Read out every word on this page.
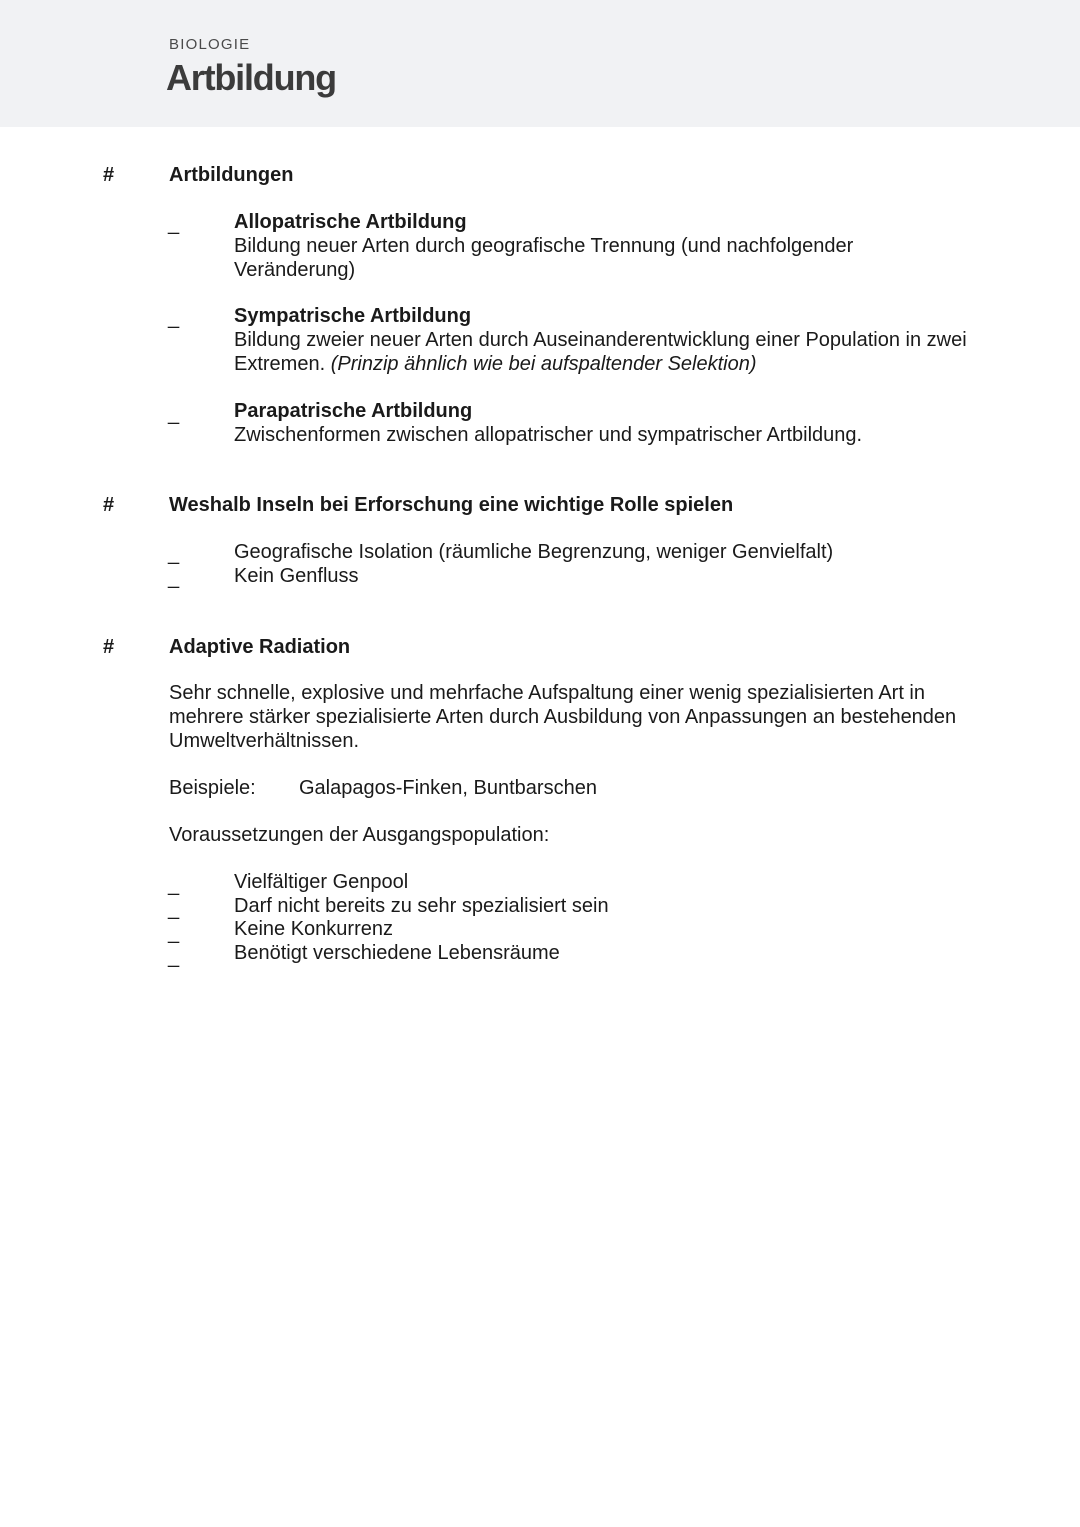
BIOLOGIE
Artbildung
#	Artbildungen
_	Allopatrische Artbildung
Bildung neuer Arten durch geografische Trennung (und nachfolgender Veränderung)
_	Sympatrische Artbildung
Bildung zweier neuer Arten durch Auseinanderentwicklung einer Population in zwei Extremen. (Prinzip ähnlich wie bei aufspaltender Selektion)
_	Parapatrische Artbildung
Zwischenformen zwischen allopatrischer und sympatrischer Artbildung.
#	Weshalb Inseln bei Erforschung eine wichtige Rolle spielen
_	Geografische Isolation (räumliche Begrenzung, weniger Genvielfalt)
_	Kein Genfluss
#	Adaptive Radiation
Sehr schnelle, explosive und mehrfache Aufspaltung einer wenig spezialisierten Art in mehrere stärker spezialisierte Arten durch Ausbildung von Anpassungen an bestehenden Umweltverhältnissen.
Beispiele: Galapagos-Finken, Buntbarschen
Voraussetzungen der Ausgangspopulation:
_	Vielfältiger Genpool
_	Darf nicht bereits zu sehr spezialisiert sein
_	Keine Konkurrenz
_	Benötigt verschiedene Lebensräume
